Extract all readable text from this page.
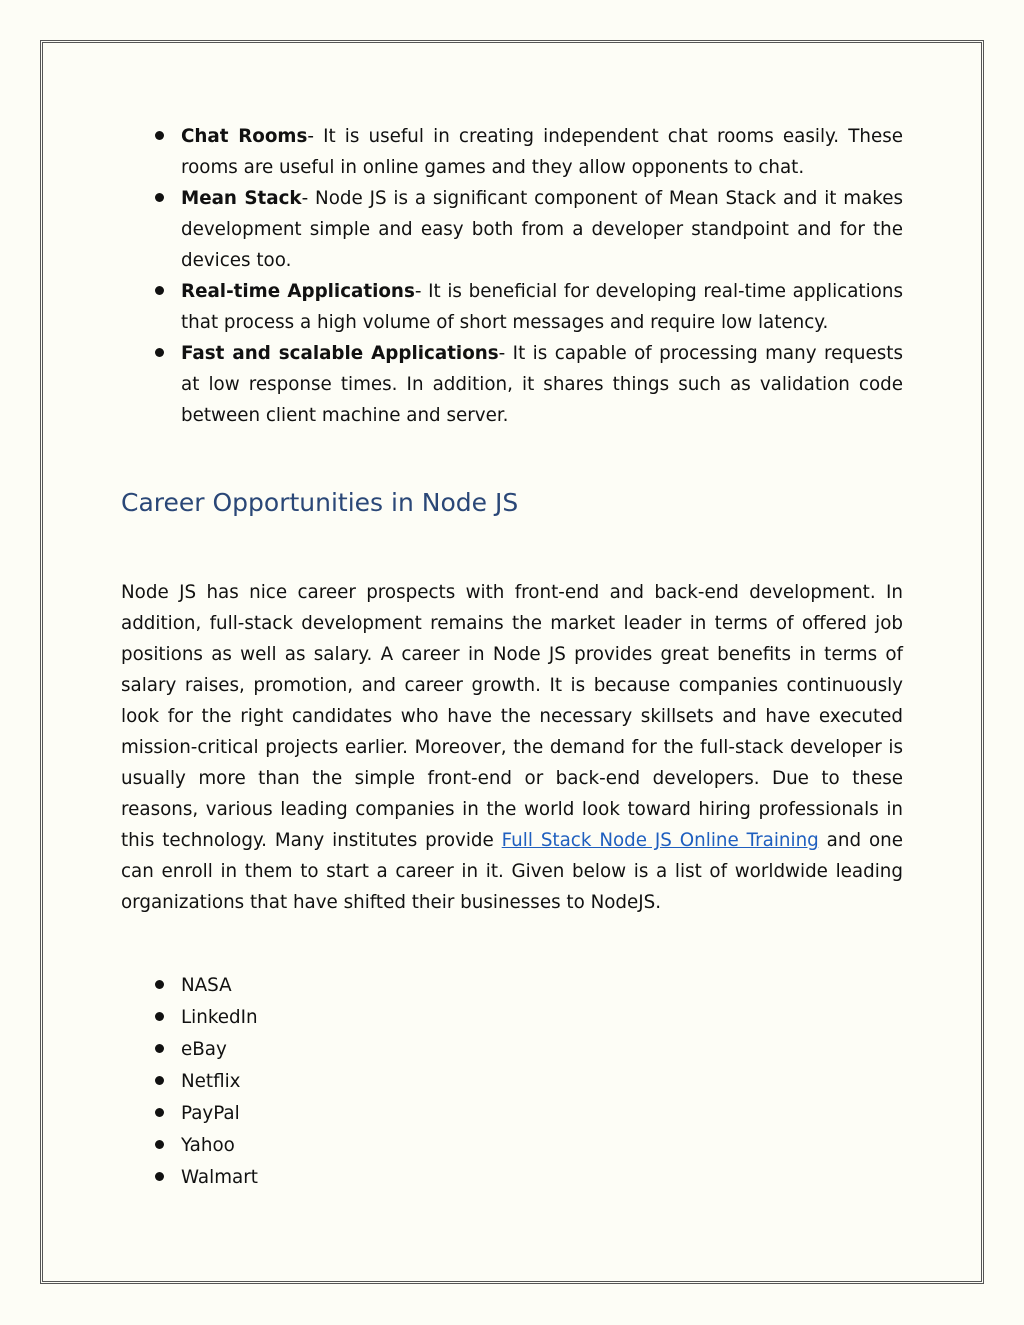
Chat Rooms- It is useful in creating independent chat rooms easily. These rooms are useful in online games and they allow opponents to chat.
Mean Stack- Node JS is a significant component of Mean Stack and it makes development simple and easy both from a developer standpoint and for the devices too.
Real-time Applications- It is beneficial for developing real-time applications that process a high volume of short messages and require low latency.
Fast and scalable Applications- It is capable of processing many requests at low response times. In addition, it shares things such as validation code between client machine and server.
Career Opportunities in Node JS

Node JS has nice career prospects with front-end and back-end development. In addition, full-stack development remains the market leader in terms of offered job positions as well as salary. A career in Node JS provides great benefits in terms of salary raises, promotion, and career growth. It is because companies continuously look for the right candidates who have the necessary skillsets and have executed mission-critical projects earlier. Moreover, the demand for the full-stack developer is usually more than the simple front-end or back-end developers. Due to these reasons, various leading companies in the world look toward hiring professionals in this technology. Many institutes provide Full Stack Node JS Online Training and one can enroll in them to start a career in it. Given below is a list of worldwide leading organizations that have shifted their businesses to NodeJS.

NASA
LinkedIn
eBay
Netflix
PayPal
Yahoo
Walmart
